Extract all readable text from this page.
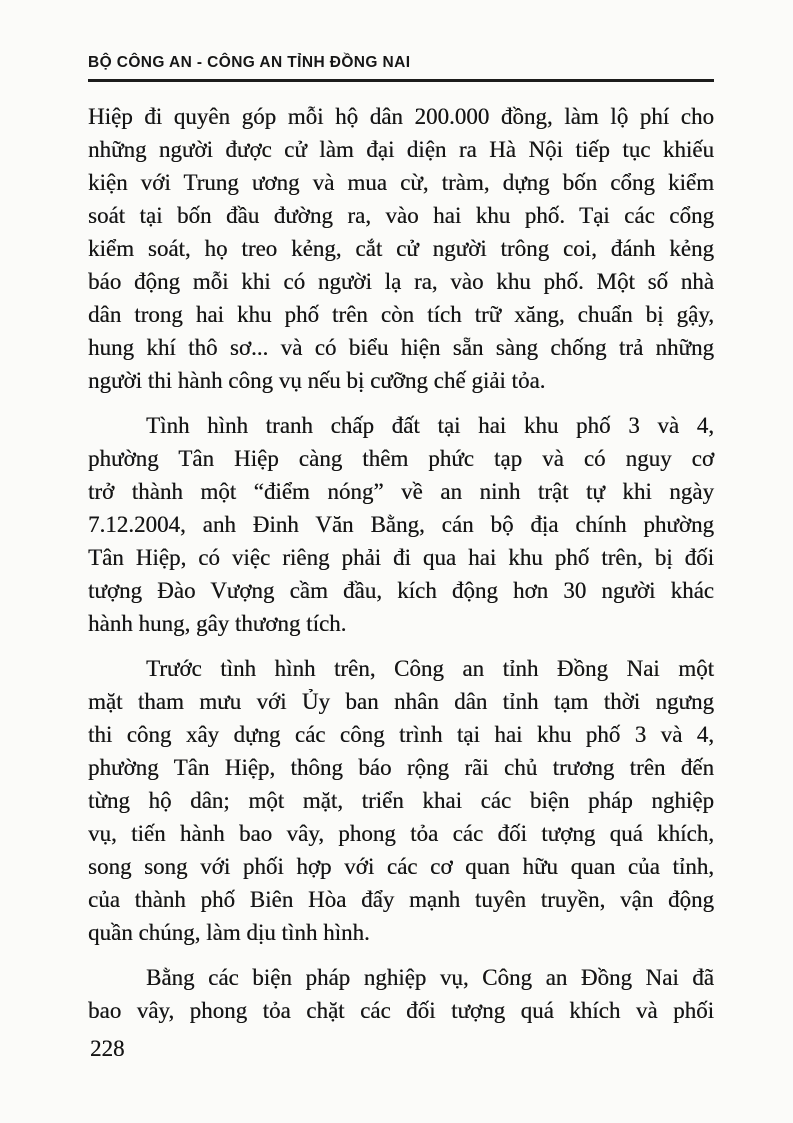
BỘ CÔNG AN - CÔNG AN TỈNH ĐỒNG NAI
Hiệp đi quyên góp mỗi hộ dân 200.000 đồng, làm lộ phí cho
những người được cử làm đại diện ra Hà Nội tiếp tục khiếu
kiện với Trung ương và mua cừ, tràm, dựng bốn cổng kiểm
soát tại bốn đầu đường ra, vào hai khu phố. Tại các cổng
kiểm soát, họ treo kẻng, cắt cử người trông coi, đánh kẻng
báo động mỗi khi có người lạ ra, vào khu phố. Một số nhà
dân trong hai khu phố trên còn tích trữ xăng, chuẩn bị gậy,
hung khí thô sơ... và có biểu hiện sẵn sàng chống trả những
người thi hành công vụ nếu bị cưỡng chế giải tỏa.
Tình hình tranh chấp đất tại hai khu phố 3 và 4,
phường Tân Hiệp càng thêm phức tạp và có nguy cơ
trở thành một “điểm nóng” về an ninh trật tự khi ngày
7.12.2004, anh Đinh Văn Bằng, cán bộ địa chính phường
Tân Hiệp, có việc riêng phải đi qua hai khu phố trên, bị đối
tượng Đào Vượng cầm đầu, kích động hơn 30 người khác
hành hung, gây thương tích.
Trước tình hình trên, Công an tỉnh Đồng Nai một
mặt tham mưu với Ủy ban nhân dân tỉnh tạm thời ngưng
thi công xây dựng các công trình tại hai khu phố 3 và 4,
phường Tân Hiệp, thông báo rộng rãi chủ trương trên đến
từng hộ dân; một mặt, triển khai các biện pháp nghiệp
vụ, tiến hành bao vây, phong tỏa các đối tượng quá khích,
song song với phối hợp với các cơ quan hữu quan của tỉnh,
của thành phố Biên Hòa đẩy mạnh tuyên truyền, vận động
quần chúng, làm dịu tình hình.
Bằng các biện pháp nghiệp vụ, Công an Đồng Nai đã
bao vây, phong tỏa chặt các đối tượng quá khích và phối
228
